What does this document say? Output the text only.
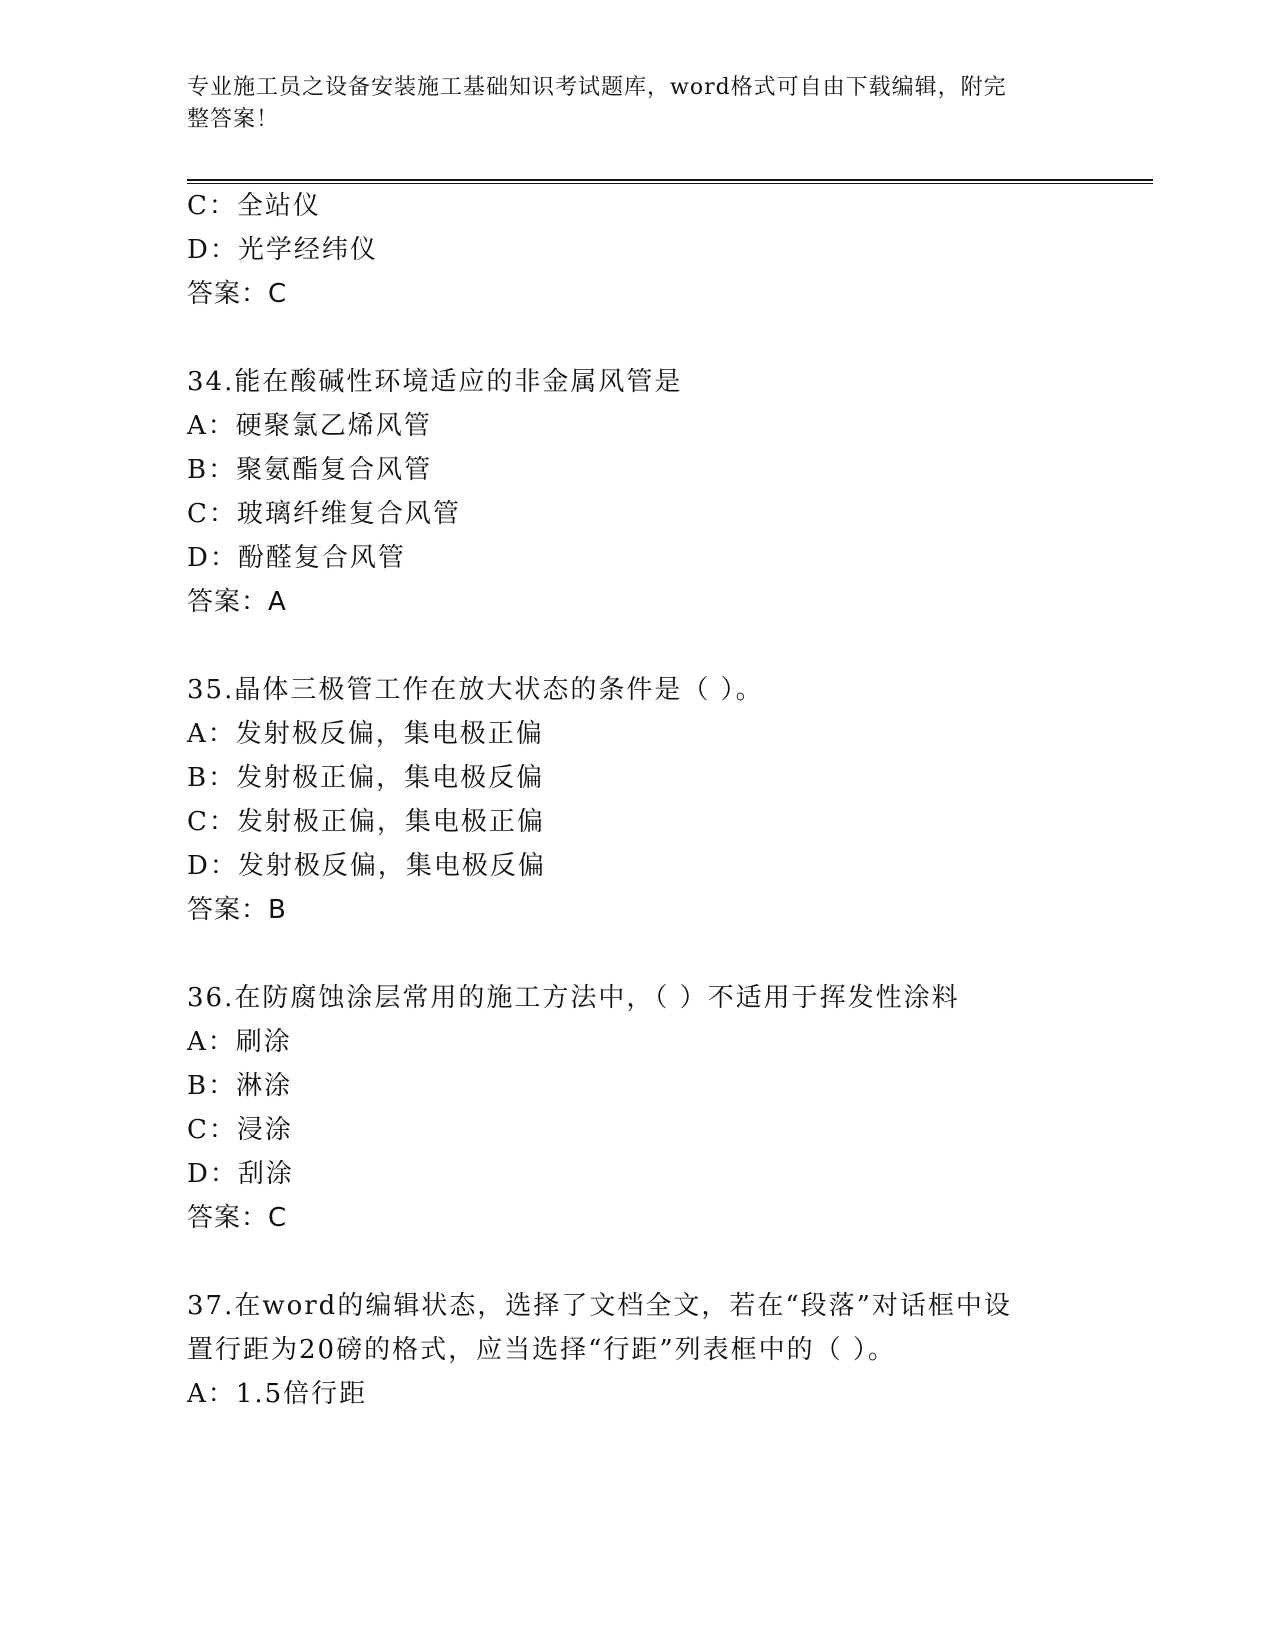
专业施工员之设备安装施工基础知识考试题库，word格式可自由下载编辑，附完
整答案！
C：全站仪
D：光学经纬仪
答案：C
34.能在酸碱性环境适应的非金属风管是
A：硬聚氯乙烯风管
B：聚氨酯复合风管
C：玻璃纤维复合风管
D：酚醛复合风管
答案：A
35.晶体三极管工作在放大状态的条件是（ ）。
A：发射极反偏，集电极正偏
B：发射极正偏，集电极反偏
C：发射极正偏，集电极正偏
D：发射极反偏，集电极反偏
答案：B
36.在防腐蚀涂层常用的施工方法中，（ ）不适用于挥发性涂料
A：刷涂
B：淋涂
C：浸涂
D：刮涂
答案：C
37.在word的编辑状态，选择了文档全文，若在“段落”对话框中设
置行距为20磅的格式，应当选择“行距”列表框中的（ ）。
A：1.5倍行距
